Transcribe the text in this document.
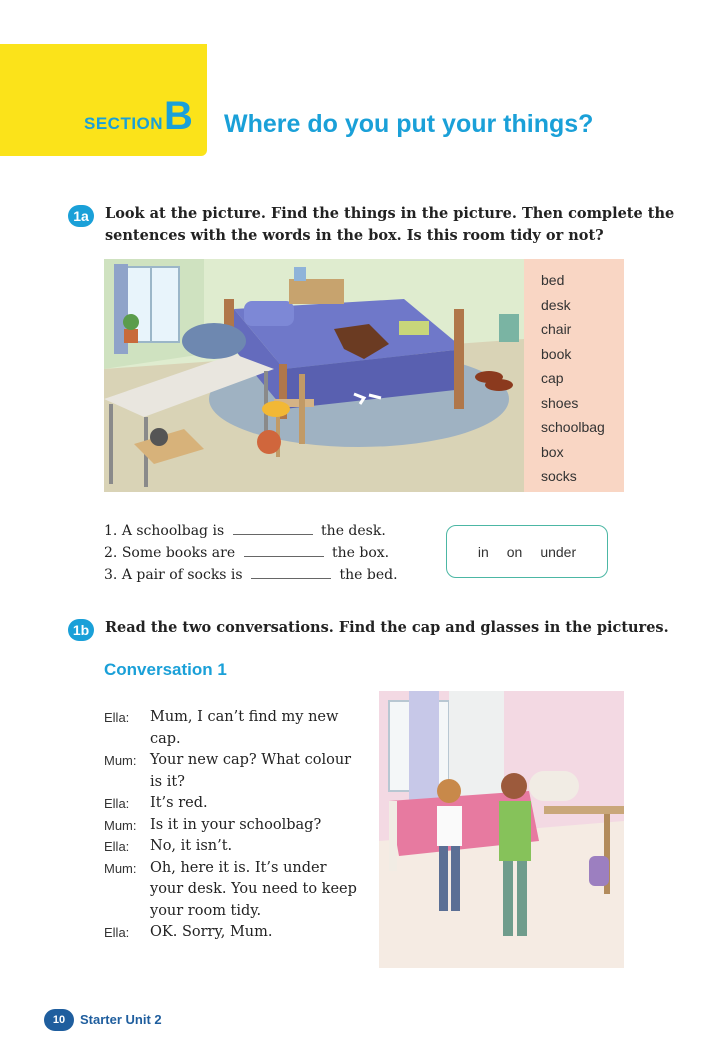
SECTION B Where do you put your things?
1a	Look at the picture. Find the things in the picture. Then complete the
sentences with the words in the box. Is this room tidy or not?
bed
desk
chair
book
cap
shoes
schoolbag
box
socks
1. A schoolbag is	the desk.
2. Some books are	the box.
3. A pair of socks is	the bed.
in on under
1b	Read the two conversations. Find the cap and glasses in the pictures.
Conversation 1
Ella:	Mum, I can’t find my new cap.
Mum: Your new cap? What colour is it?
Ella:	It’s red.
Mum: Is it in your schoolbag?
Ella:	No, it isn’t.
Mum: Oh, here it is. It’s under your desk. You need to keep your room tidy.
Ella:	OK. Sorry, Mum.
10	Starter Unit 2
